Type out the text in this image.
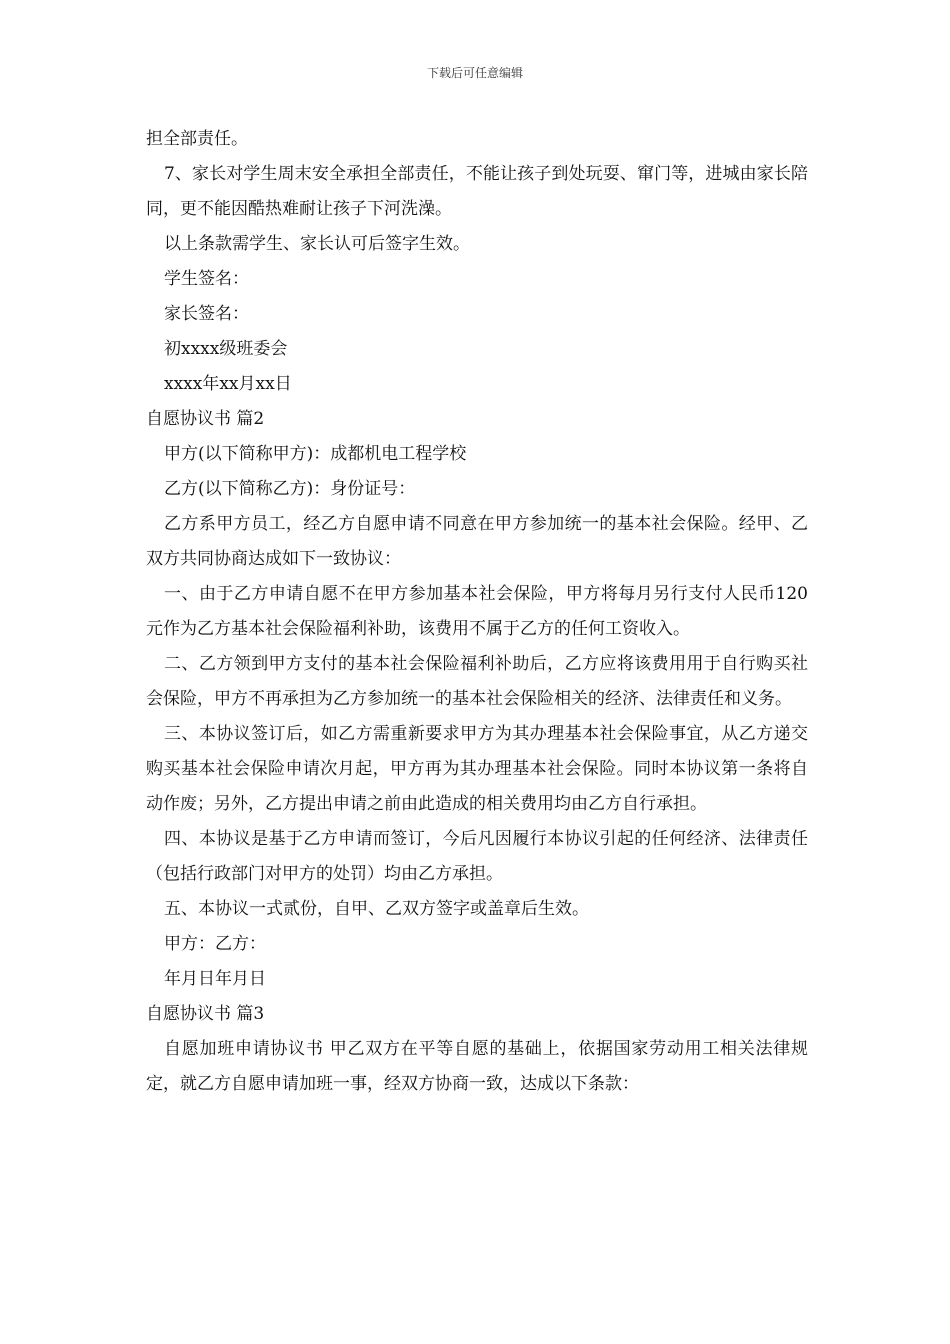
下载后可任意编辑

担全部责任。

7、家长对学生周末安全承担全部责任，不能让孩子到处玩耍、窜门等，进城由家长陪同，更不能因酷热难耐让孩子下河洗澡。

以上条款需学生、家长认可后签字生效。

学生签名：

家长签名：

初xxxx级班委会

xxxx年xx月xx日

自愿协议书 篇2

甲方(以下简称甲方)：成都机电工程学校

乙方(以下简称乙方)：身份证号：

乙方系甲方员工，经乙方自愿申请不同意在甲方参加统一的基本社会保险。经甲、乙双方共同协商达成如下一致协议：

一、由于乙方申请自愿不在甲方参加基本社会保险，甲方将每月另行支付人民币120元作为乙方基本社会保险福利补助，该费用不属于乙方的任何工资收入。

二、乙方领到甲方支付的基本社会保险福利补助后，乙方应将该费用用于自行购买社会保险，甲方不再承担为乙方参加统一的基本社会保险相关的经济、法律责任和义务。

三、本协议签订后，如乙方需重新要求甲方为其办理基本社会保险事宜，从乙方递交购买基本社会保险申请次月起，甲方再为其办理基本社会保险。同时本协议第一条将自动作废；另外，乙方提出申请之前由此造成的相关费用均由乙方自行承担。

四、本协议是基于乙方申请而签订，今后凡因履行本协议引起的任何经济、法律责任（包括行政部门对甲方的处罚）均由乙方承担。

五、本协议一式贰份，自甲、乙双方签字或盖章后生效。

甲方：乙方：

年月日年月日

自愿协议书 篇3

自愿加班申请协议书 甲乙双方在平等自愿的基础上，依据国家劳动用工相关法律规定，就乙方自愿申请加班一事，经双方协商一致，达成以下条款：
